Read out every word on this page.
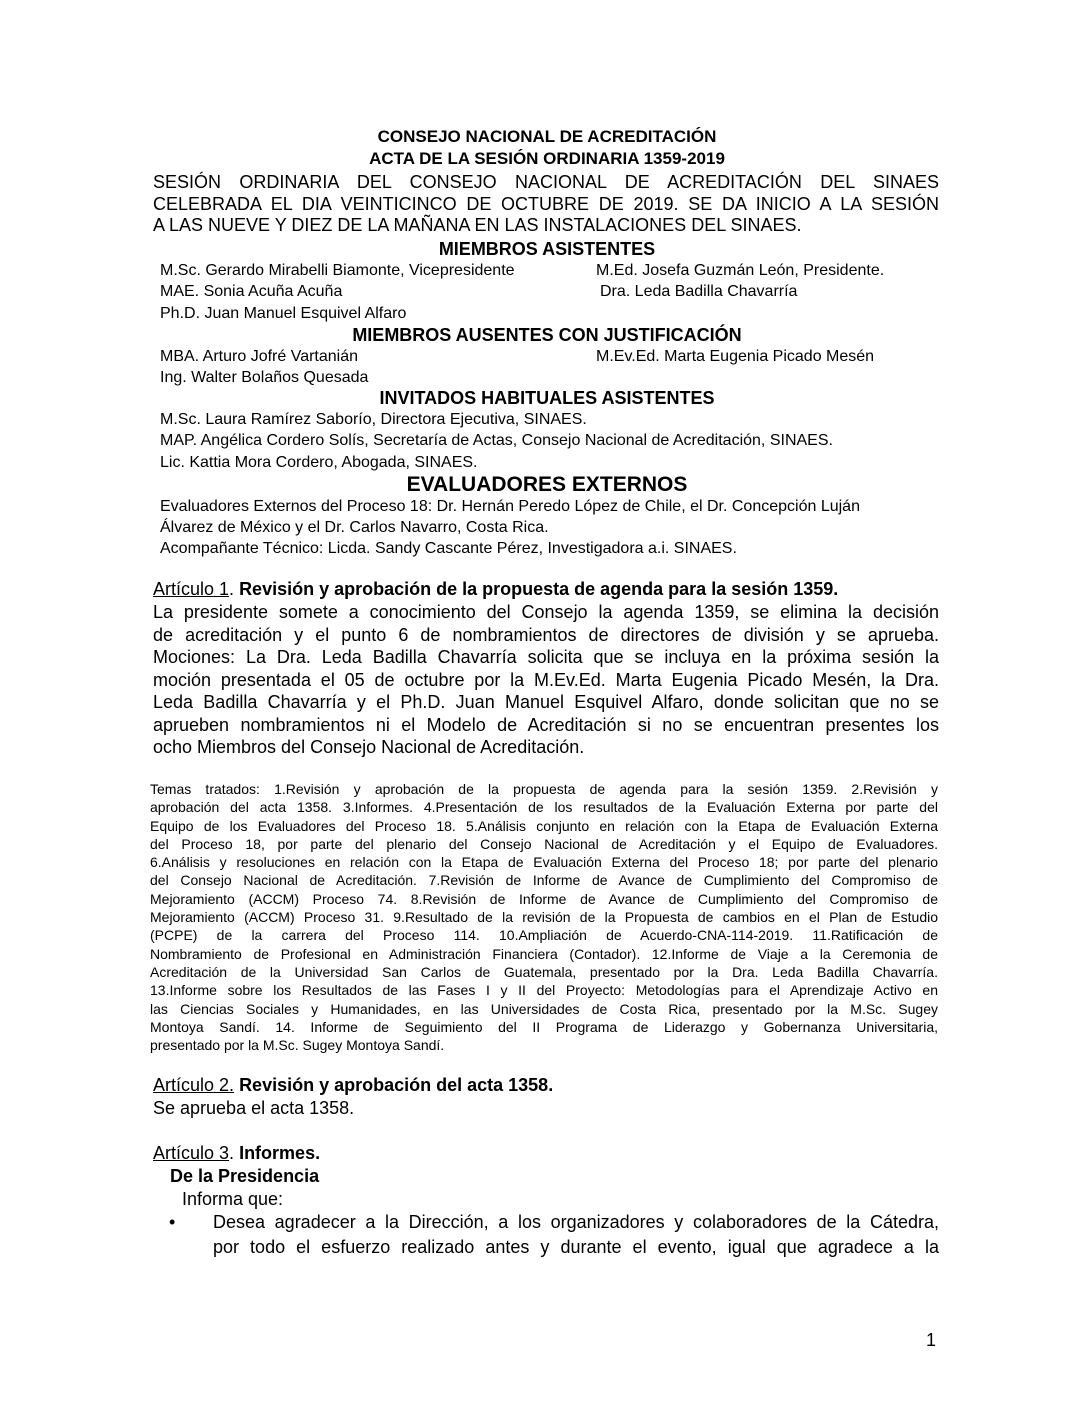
CONSEJO NACIONAL DE ACREDITACIÓN
ACTA DE LA SESIÓN ORDINARIA 1359-2019
SESIÓN ORDINARIA DEL CONSEJO NACIONAL DE ACREDITACIÓN DEL SINAES
CELEBRADA EL DIA VEINTICINCO DE OCTUBRE DE 2019. SE DA INICIO A LA SESIÓN
A LAS NUEVE Y DIEZ DE LA MAÑANA EN LAS INSTALACIONES DEL SINAES.
MIEMBROS ASISTENTES
M.Sc. Gerardo Mirabelli Biamonte, Vicepresidente	M.Ed. Josefa Guzmán León, Presidente.
MAE. Sonia Acuña Acuña	Dra. Leda Badilla Chavarría
Ph.D. Juan Manuel Esquivel Alfaro
MIEMBROS AUSENTES CON JUSTIFICACIÓN
MBA. Arturo Jofré Vartanián	M.Ev.Ed. Marta Eugenia Picado Mesén
Ing. Walter Bolaños Quesada
INVITADOS HABITUALES ASISTENTES
M.Sc. Laura Ramírez Saborío, Directora Ejecutiva, SINAES.
MAP. Angélica Cordero Solís, Secretaría de Actas, Consejo Nacional de Acreditación, SINAES.
Lic. Kattia Mora Cordero, Abogada, SINAES.
EVALUADORES EXTERNOS
Evaluadores Externos del Proceso 18: Dr. Hernán Peredo López de Chile, el Dr. Concepción Luján
Álvarez de México y el Dr. Carlos Navarro, Costa Rica.
Acompañante Técnico: Licda. Sandy Cascante Pérez, Investigadora a.i. SINAES.
Artículo 1. Revisión y aprobación de la propuesta de agenda para la sesión 1359.
La presidente somete a conocimiento del Consejo la agenda 1359, se elimina la decisión
de acreditación y el punto 6 de nombramientos de directores de división y se aprueba.
Mociones: La Dra. Leda Badilla Chavarría solicita que se incluya en la próxima sesión la
moción presentada el 05 de octubre por la M.Ev.Ed. Marta Eugenia Picado Mesén, la Dra.
Leda Badilla Chavarría y el Ph.D. Juan Manuel Esquivel Alfaro, donde solicitan que no se
aprueben nombramientos ni el Modelo de Acreditación si no se encuentran presentes los
ocho Miembros del Consejo Nacional de Acreditación.
Temas tratados: 1.Revisión y aprobación de la propuesta de agenda para la sesión 1359. 2.Revisión y
aprobación del acta 1358. 3.Informes. 4.Presentación de los resultados de la Evaluación Externa por parte del
Equipo de los Evaluadores del Proceso 18. 5.Análisis conjunto en relación con la Etapa de Evaluación Externa
del Proceso 18, por parte del plenario del Consejo Nacional de Acreditación y el Equipo de Evaluadores.
6.Análisis y resoluciones en relación con la Etapa de Evaluación Externa del Proceso 18; por parte del plenario
del Consejo Nacional de Acreditación. 7.Revisión de Informe de Avance de Cumplimiento del Compromiso de
Mejoramiento (ACCM) Proceso 74. 8.Revisión de Informe de Avance de Cumplimiento del Compromiso de
Mejoramiento (ACCM) Proceso 31. 9.Resultado de la revisión de la Propuesta de cambios en el Plan de Estudio
(PCPE) de la carrera del Proceso 114. 10.Ampliación de Acuerdo-CNA-114-2019. 11.Ratificación de
Nombramiento de Profesional en Administración Financiera (Contador). 12.Informe de Viaje a la Ceremonia de
Acreditación de la Universidad San Carlos de Guatemala, presentado por la Dra. Leda Badilla Chavarría.
13.Informe sobre los Resultados de las Fases I y II del Proyecto: Metodologías para el Aprendizaje Activo en
las Ciencias Sociales y Humanidades, en las Universidades de Costa Rica, presentado por la M.Sc. Sugey
Montoya Sandí. 14. Informe de Seguimiento del II Programa de Liderazgo y Gobernanza Universitaria,
presentado por la M.Sc. Sugey Montoya Sandí.
Artículo 2. Revisión y aprobación del acta 1358.
Se aprueba el acta 1358.
Artículo 3. Informes.
De la Presidencia
Informa que:
• Desea agradecer a la Dirección, a los organizadores y colaboradores de la Cátedra,
por todo el esfuerzo realizado antes y durante el evento, igual que agradece a la
1
